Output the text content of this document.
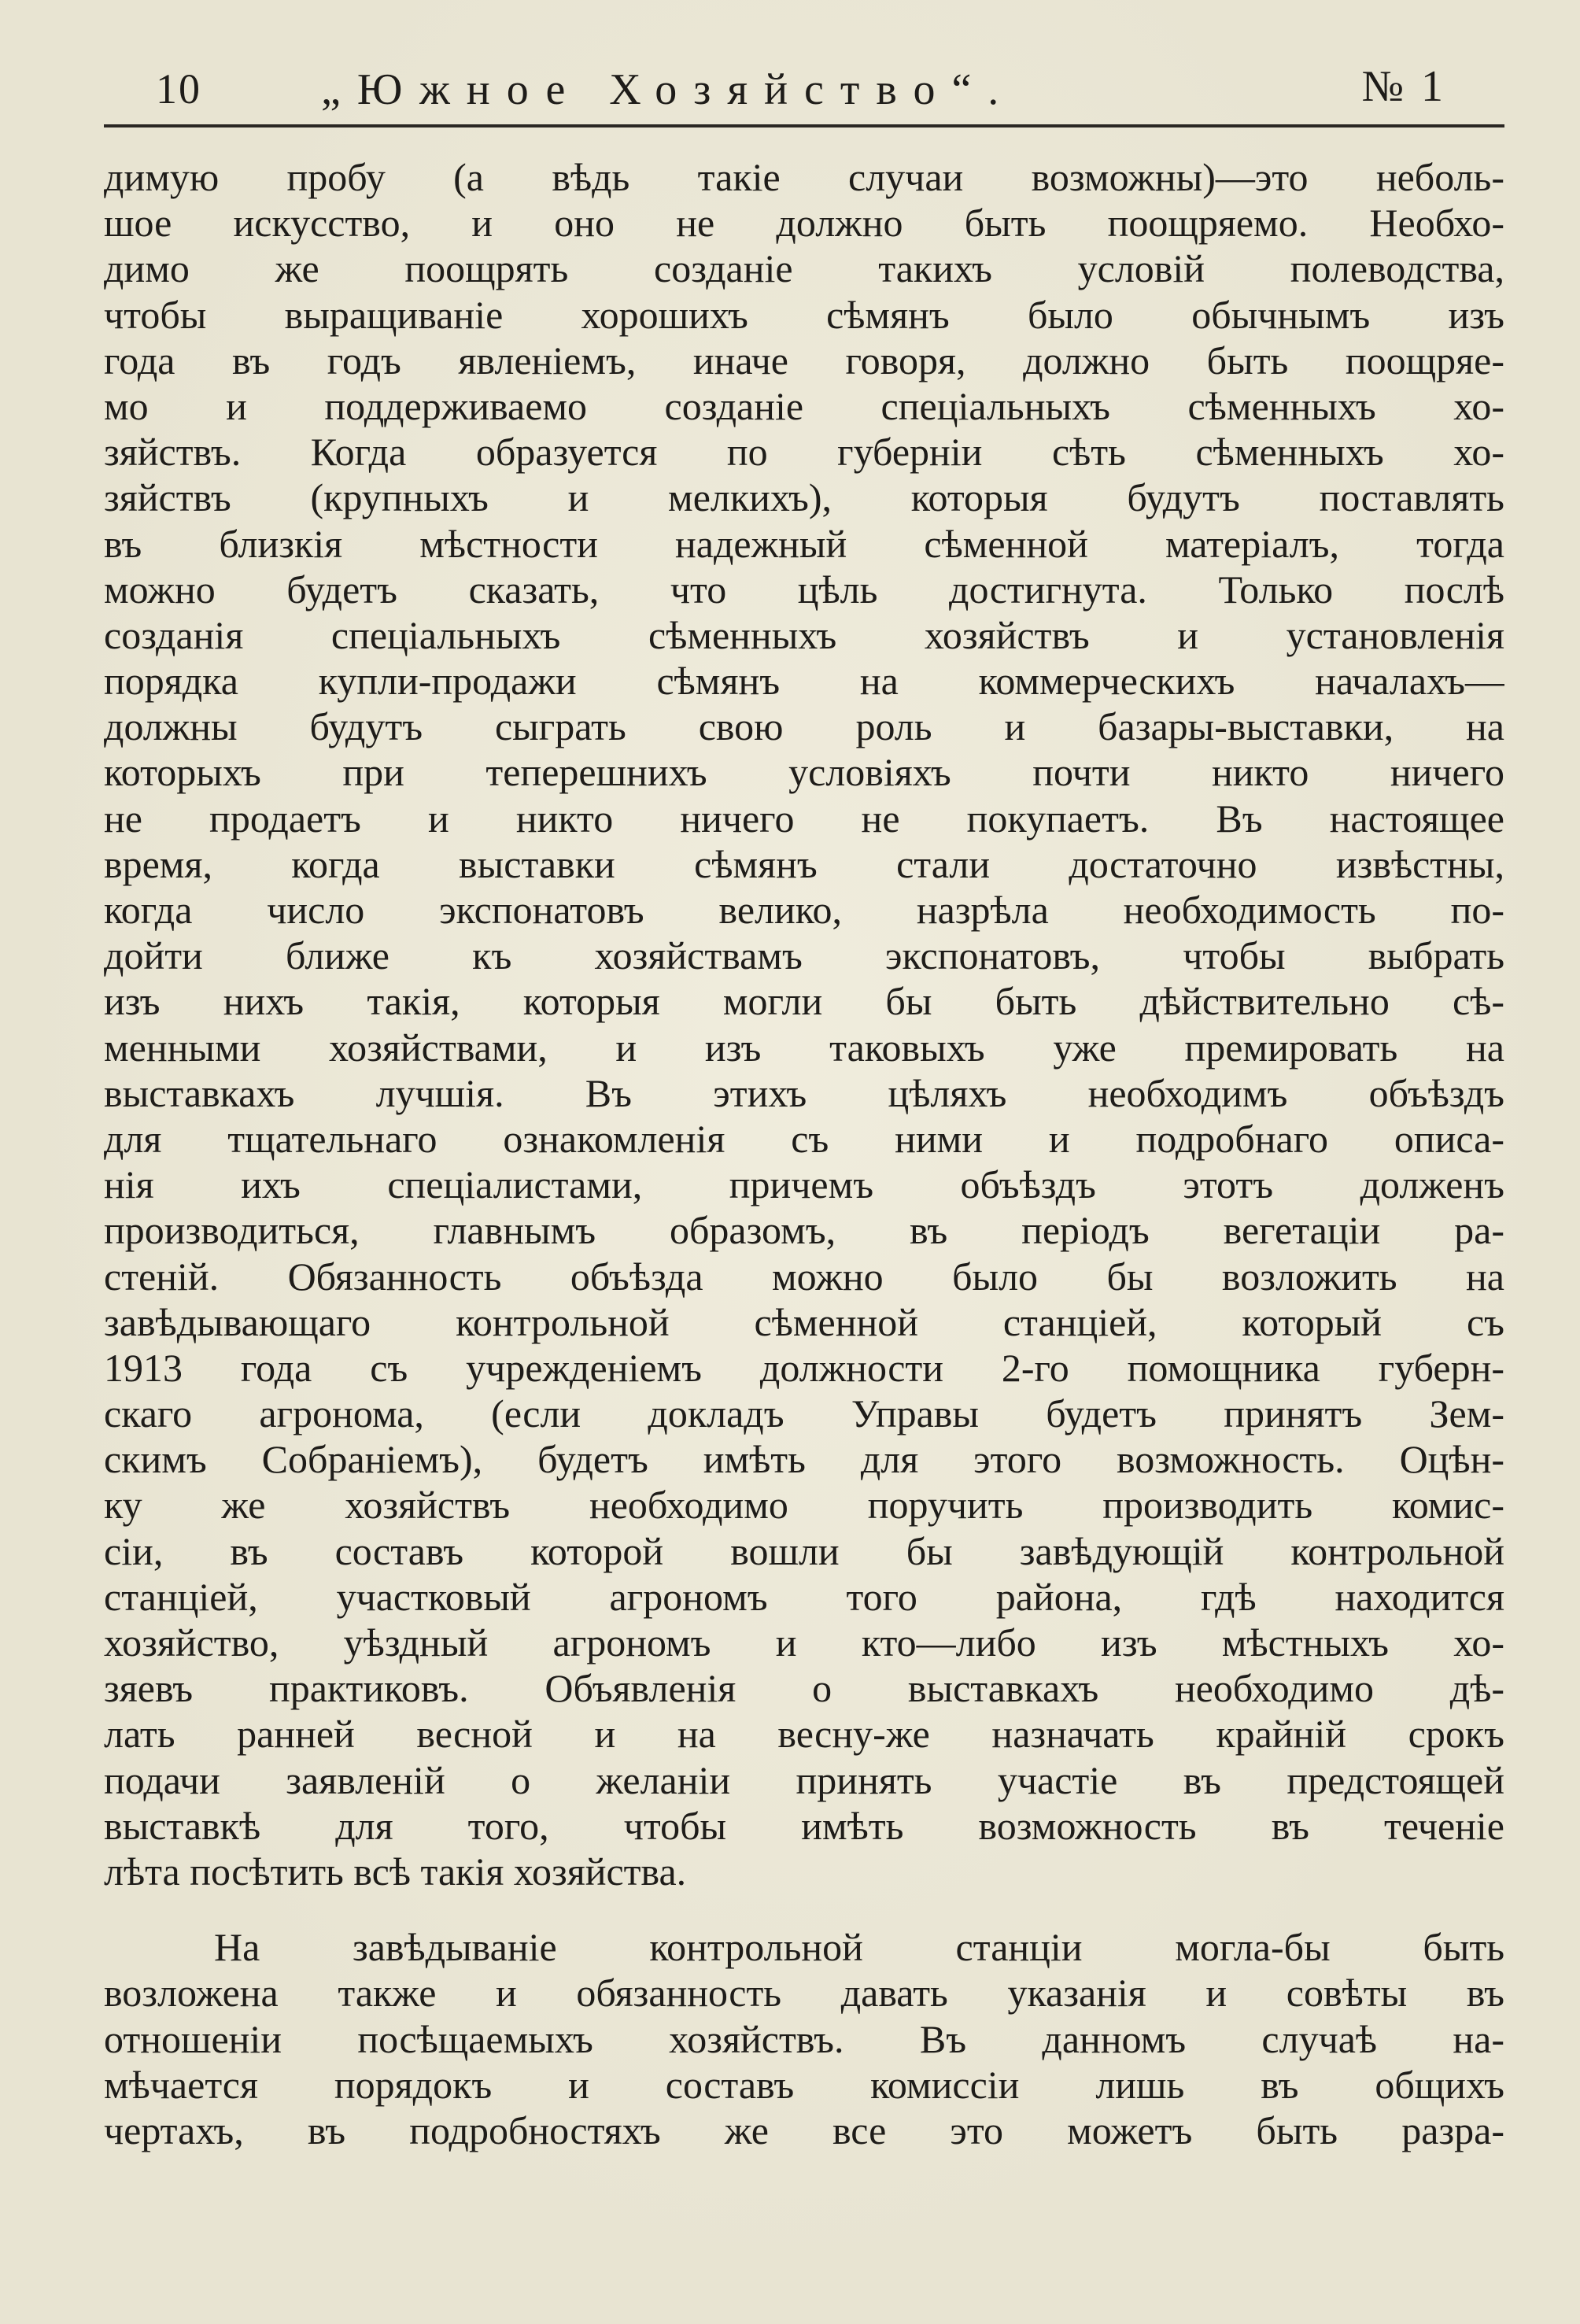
10	„Южное Хозяйство“.	№ 1
димую пробу (а вѣдь такіе случаи возможны)—это неболь-
шое искусство, и оно не должно быть поощряемо. Необхо-
димо же поощрять созданіе такихъ условій полеводства,
чтобы выращиваніе хорошихъ сѣмянъ было обычнымъ изъ
года въ годъ явленіемъ, иначе говоря, должно быть поощряе-
мо и поддерживаемо созданіе спеціальныхъ сѣменныхъ хо-
зяйствъ. Когда образуется по губерніи сѣть сѣменныхъ хо-
зяйствъ (крупныхъ и мелкихъ), которыя будутъ поставлять
въ близкія мѣстности надежный сѣменной матеріалъ, тогда
можно будетъ сказать, что цѣль достигнута. Только послѣ
созданія спеціальныхъ сѣменныхъ хозяйствъ и установленія
порядка купли-продажи сѣмянъ на коммерческихъ началахъ—
должны будутъ сыграть свою роль и базары-выставки, на
которыхъ при теперешнихъ условіяхъ почти никто ничего
не продаетъ и никто ничего не покупаетъ. Въ настоящее
время, когда выставки сѣмянъ стали достаточно извѣстны,
когда число экспонатовъ велико, назрѣла необходимость по-
дойти ближе къ хозяйствамъ экспонатовъ, чтобы выбрать
изъ нихъ такія, которыя могли бы быть дѣйствительно сѣ-
менными хозяйствами, и изъ таковыхъ уже премировать на
выставкахъ лучшія. Въ этихъ цѣляхъ необходимъ объѣздъ
для тщательнаго ознакомленія съ ними и подробнаго описа-
нія ихъ спеціалистами, причемъ объѣздъ этотъ долженъ
производиться, главнымъ образомъ, въ періодъ вегетаціи ра-
стеній. Обязанность объѣзда можно было бы возложить на
завѣдывающаго контрольной сѣменной станціей, который съ
1913 года съ учрежденіемъ должности 2-го помощника губерн-
скаго агронома, (если докладъ Управы будетъ принятъ Зем-
скимъ Собраніемъ), будетъ имѣть для этого возможность. Оцѣн-
ку же хозяйствъ необходимо поручить производить комис-
сіи, въ составъ которой вошли бы завѣдующій контрольной
станціей, участковый агрономъ того района, гдѣ находится
хозяйство, уѣздный агрономъ и кто—либо изъ мѣстныхъ хо-
зяевъ практиковъ. Объявленія о выставкахъ необходимо дѣ-
лать ранней весной и на весну-же назначать крайній срокъ
подачи заявленій о желаніи принять участіе въ предстоящей
выставкѣ для того, чтобы имѣть возможность въ теченіе
лѣта посѣтить всѣ такія хозяйства.
На завѣдываніе контрольной станціи могла-бы быть
возложена также и обязанность давать указанія и совѣты въ
отношеніи посѣщаемыхъ хозяйствъ. Въ данномъ случаѣ на-
мѣчается порядокъ и составъ комиссіи лишь въ общихъ
чертахъ, въ подробностяхъ же все это можетъ быть разра-
